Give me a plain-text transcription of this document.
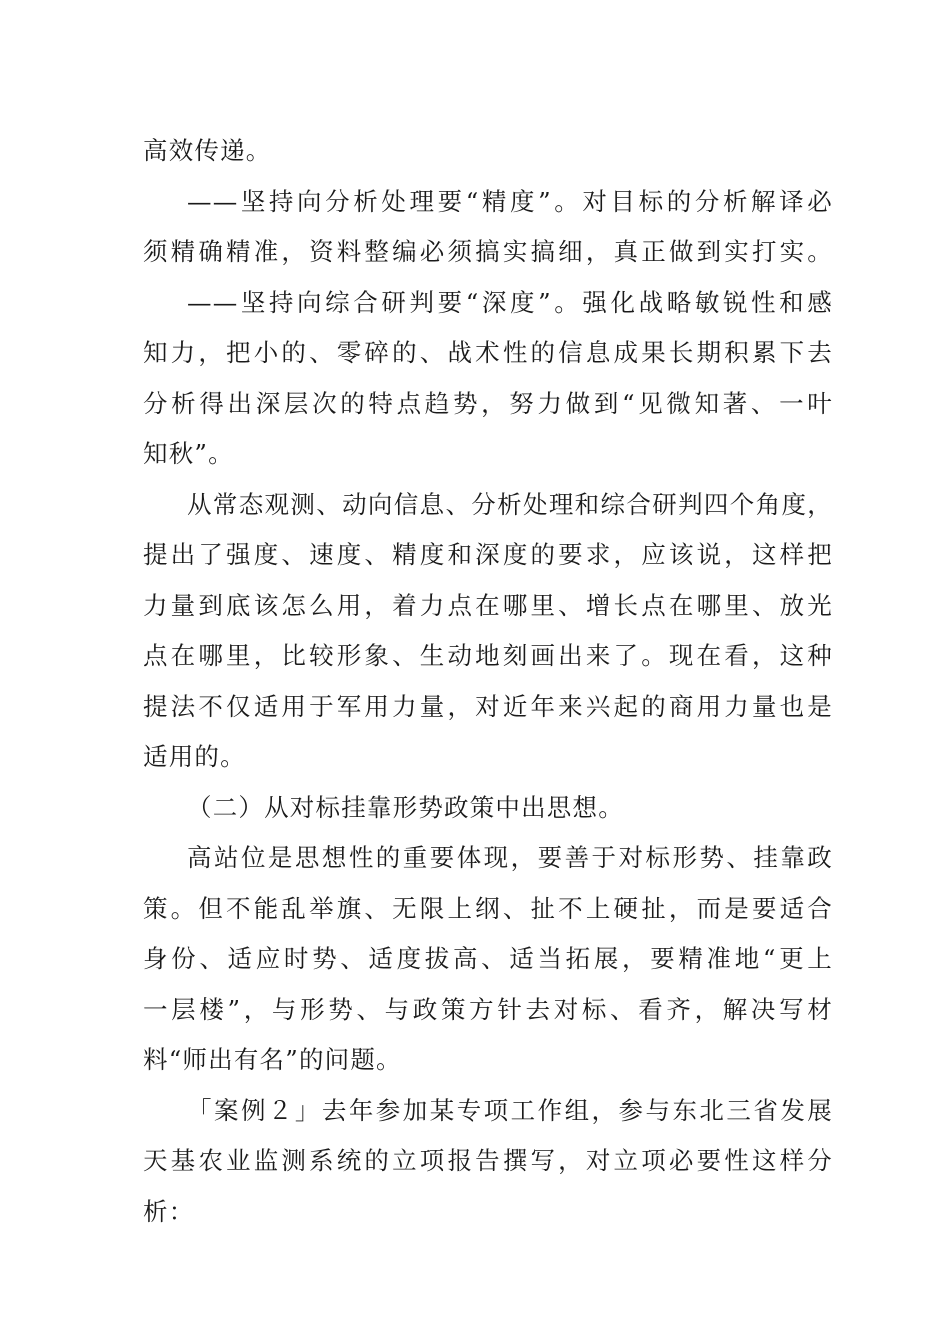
高效传递。
——坚持向分析处理要“精度”。对目标的分析解译必
须精确精准，资料整编必须搞实搞细，真正做到实打实。
——坚持向综合研判要“深度”。强化战略敏锐性和感
知力，把小的、零碎的、战术性的信息成果长期积累下去
分析得出深层次的特点趋势，努力做到“见微知著、一叶
知秋”。
从常态观测、动向信息、分析处理和综合研判四个角度，
提出了强度、速度、精度和深度的要求，应该说，这样把
力量到底该怎么用，着力点在哪里、增长点在哪里、放光
点在哪里，比较形象、生动地刻画出来了。现在看，这种
提法不仅适用于军用力量，对近年来兴起的商用力量也是
适用的。
（二）从对标挂靠形势政策中出思想。
高站位是思想性的重要体现，要善于对标形势、挂靠政
策。但不能乱举旗、无限上纲、扯不上硬扯，而是要适合
身份、适应时势、适度拔高、适当拓展，要精准地“更上
一层楼”，与形势、与政策方针去对标、看齐，解决写材
料“师出有名”的问题。
「案例２」去年参加某专项工作组，参与东北三省发展
天基农业监测系统的立项报告撰写，对立项必要性这样分
析：
